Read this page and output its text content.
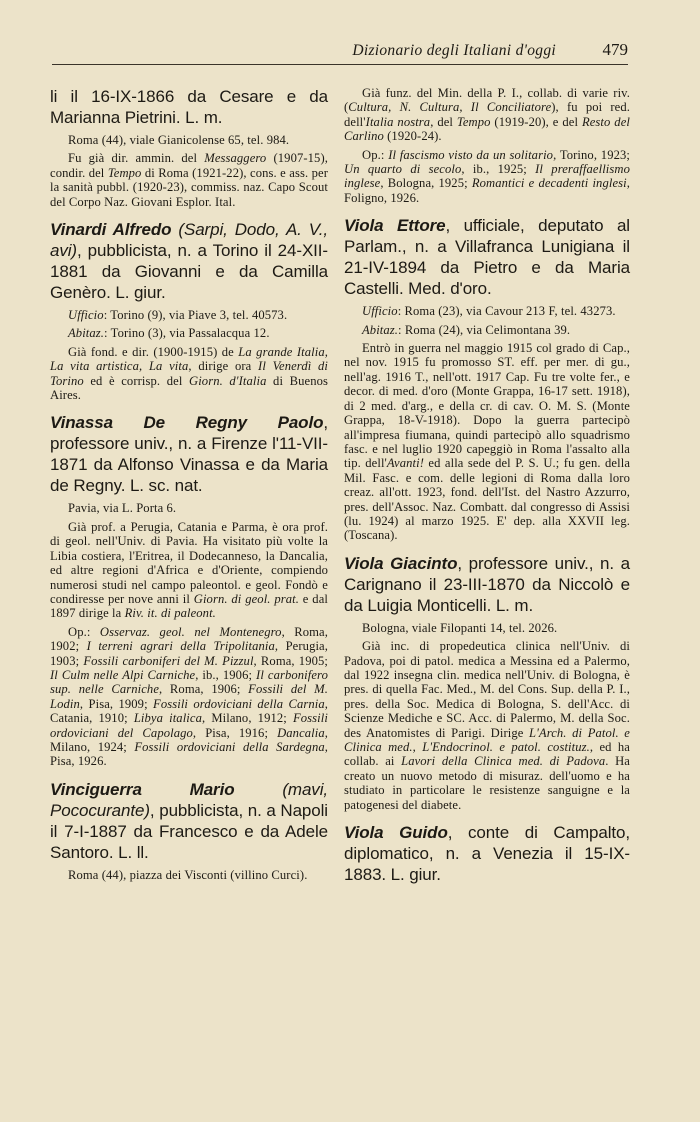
Dizionario degli Italiani d'oggi	479
li il 16-IX-1866 da Cesare e da Marianna Pietrini. L. m.
Roma (44), viale Gianicolense 65, tel. 984.
Fu già dir. ammin. del Messaggero (1907-15), condir. del Tempo di Roma (1921-22), cons. e ass. per la sanità pubbl. (1920-23), commiss. naz. Capo Scout del Corpo Naz. Giovani Esplor. Ital.
Vinardi Alfredo (Sarpi, Dodo, A. V., avi), pubblicista, n. a Torino il 24-XII-1881 da Giovanni e da Camilla Genèro. L. giur.
Ufficio: Torino (9), via Piave 3, tel. 40573.
Abitaz.: Torino (3), via Passalacqua 12.
Già fond. e dir. (1900-1915) de La grande Italia, La vita artistica, La vita, dirige ora Il Venerdì di Torino ed è corrisp. del Giorn. d'Italia di Buenos Aires.
Vinassa De Regny Paolo, professore univ., n. a Firenze l'11-VII-1871 da Alfonso Vinassa e da Maria de Regny. L. sc. nat.
Pavia, via L. Porta 6.
Già prof. a Perugia, Catania e Parma, è ora prof. di geol. nell'Univ. di Pavia. Ha visitato più volte la Libia costiera, l'Eritrea, il Dodecanneso, la Dancalia, ed altre regioni d'Africa e d'Oriente, compiendo numerosi studi nel campo paleontol. e geol. Fondò e condiresse per nove anni il Giorn. di geol. prat. e dal 1897 dirige la Riv. it. di paleont.
Op.: Osservaz. geol. nel Montenegro, Roma, 1902; I terreni agrari della Tripolitania, Perugia, 1903; Fossili carboniferi del M. Pizzul, Roma, 1905; Il Culm nelle Alpi Carniche, ib., 1906; Il carbonifero sup. nelle Carniche, Roma, 1906; Fossili del M. Lodin, Pisa, 1909; Fossili ordoviciani della Carnia, Catania, 1910; Libya italica, Milano, 1912; Fossili ordoviciani del Capolago, Pisa, 1916; Dancalia, Milano, 1924; Fossili ordoviciani della Sardegna, Pisa, 1926.
Vinciguerra Mario	(mavi, Pococurante), pubblicista, n. a Napoli il 7-I-1887 da Francesco e da Adele Santoro. L. ll.
Roma (44), piazza dei Visconti (villino Curci).
Già funz. del Min. della P. I., collab. di varie riv. (Cultura, N. Cultura, Il Conciliatore), fu poi red. dell'Italia nostra, del Tempo (1919-20), e del Resto del Carlino (1920-24).
Op.: Il fascismo visto da un solitario, Torino, 1923; Un quarto di secolo, ib., 1925; Il preraffaellismo inglese, Bologna, 1925; Romantici e decadenti inglesi, Foligno, 1926.
Viola Ettore, ufficiale, deputato al Parlam., n. a Villafranca Lunigiana il 21-IV-1894 da Pietro e da Maria Castelli. Med. d'oro.
Ufficio: Roma (23), via Cavour 213 F, tel. 43273.
Abitaz.: Roma (24), via Celimontana 39.
Entrò in guerra nel maggio 1915 col grado di Cap., nel nov. 1915 fu promosso ST. eff. per mer. di gu., nell'ag. 1916 T., nell'ott. 1917 Cap. Fu tre volte fer., e decor. di med. d'oro (Monte Grappa, 16-17 sett. 1918), di 2 med. d'arg., e della cr. di cav. O. M. S. (Monte Grappa, 18-V-1918). Dopo la guerra partecipò all'impresa fiumana, quindi partecipò allo squadrismo fasc. e nel luglio 1920 capeggiò in Roma l'assalto alla tip. dell'Avanti! ed alla sede del P. S. U.; fu gen. della Mil. Fasc. e com. delle legioni di Roma dalla loro creaz. all'ott. 1923, fond. dell'Ist. del Nastro Azzurro, pres. dell'Assoc. Naz. Combatt. dal congresso di Assisi (lu. 1924) al marzo 1925. E' dep. alla XXVII leg. (Toscana).
Viola Giacinto, professore univ., n. a Carignano il 23-III-1870 da Niccolò e da Luigia Monticelli. L. m.
Bologna, viale Filopanti 14, tel. 2026.
Già inc. di propedeutica clinica nell'Univ. di Padova, poi di patol. medica a Messina ed a Palermo, dal 1922 insegna clin. medica nell'Univ. di Bologna, è pres. di quella Fac. Med., M. del Cons. Sup. della P. I., pres. della Soc. Medica di Bologna, S. dell'Acc. di Scienze Mediche e SC. Acc. di Palermo, M. della Soc. des Anatomistes di Parigi. Dirige L'Arch. di Patol. e Clinica med., L'Endocrinol. e patol. costituz., ed ha collab. ai Lavori della Clinica med. di Padova. Ha creato un nuovo metodo di misuraz. dell'uomo e ha studiato in particolare le resistenze sanguigne e la patogenesi del diabete.
Viola Guido, conte di Campalto, diplomatico, n. a Venezia il 15-IX-1883. L. giur.
